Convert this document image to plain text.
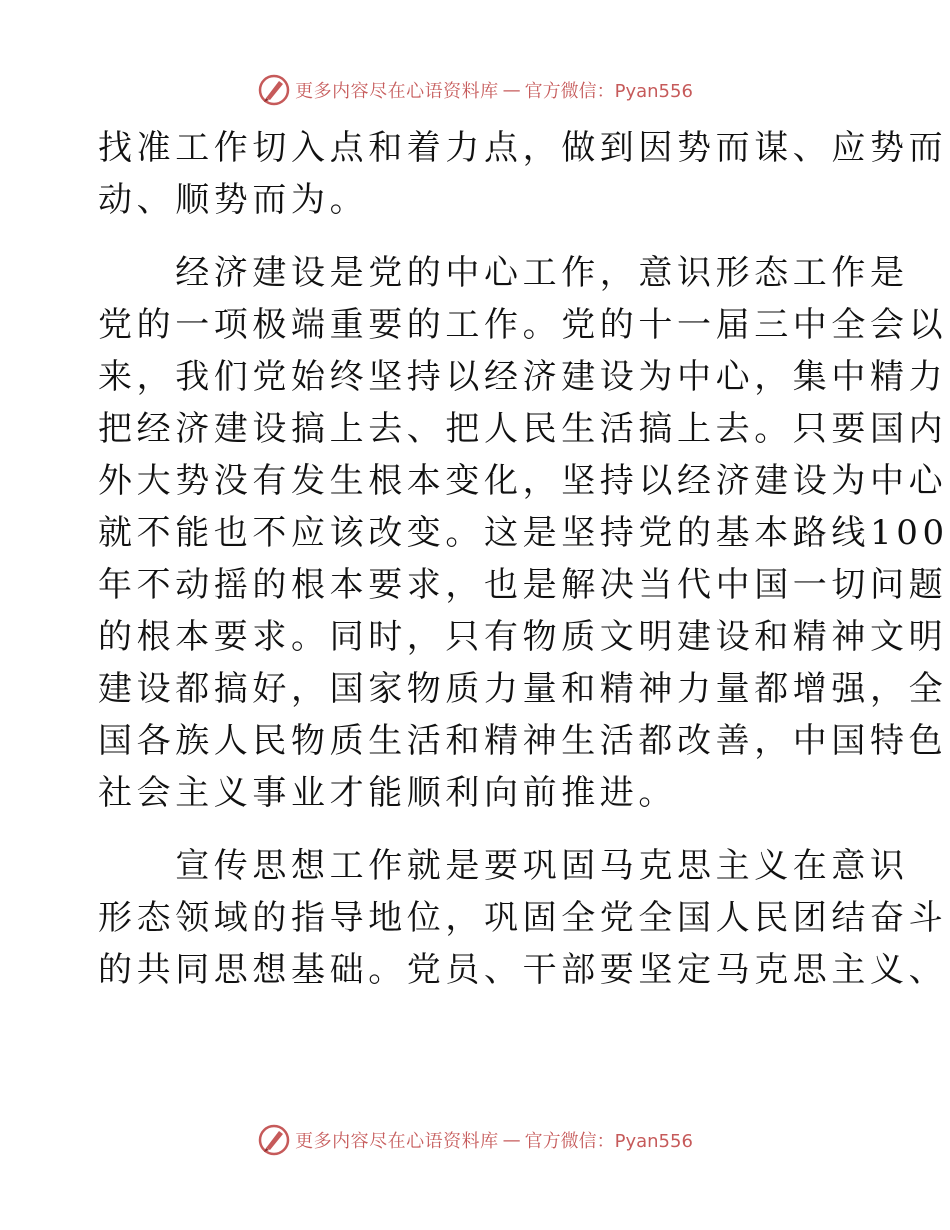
更多内容尽在心语资料库 — 官方微信：Pyan556
找准工作切入点和着力点，做到因势而谋、应势而
动、顺势而为。
　　经济建设是党的中心工作，意识形态工作是
党的一项极端重要的工作。党的十一届三中全会以
来，我们党始终坚持以经济建设为中心，集中精力
把经济建设搞上去、把人民生活搞上去。只要国内
外大势没有发生根本变化，坚持以经济建设为中心
就不能也不应该改变。这是坚持党的基本路线100
年不动摇的根本要求，也是解决当代中国一切问题
的根本要求。同时，只有物质文明建设和精神文明
建设都搞好，国家物质力量和精神力量都增强，全
国各族人民物质生活和精神生活都改善，中国特色
社会主义事业才能顺利向前推进。
　　宣传思想工作就是要巩固马克思主义在意识
形态领域的指导地位，巩固全党全国人民团结奋斗
的共同思想基础。党员、干部要坚定马克思主义、
更多内容尽在心语资料库 — 官方微信：Pyan556
